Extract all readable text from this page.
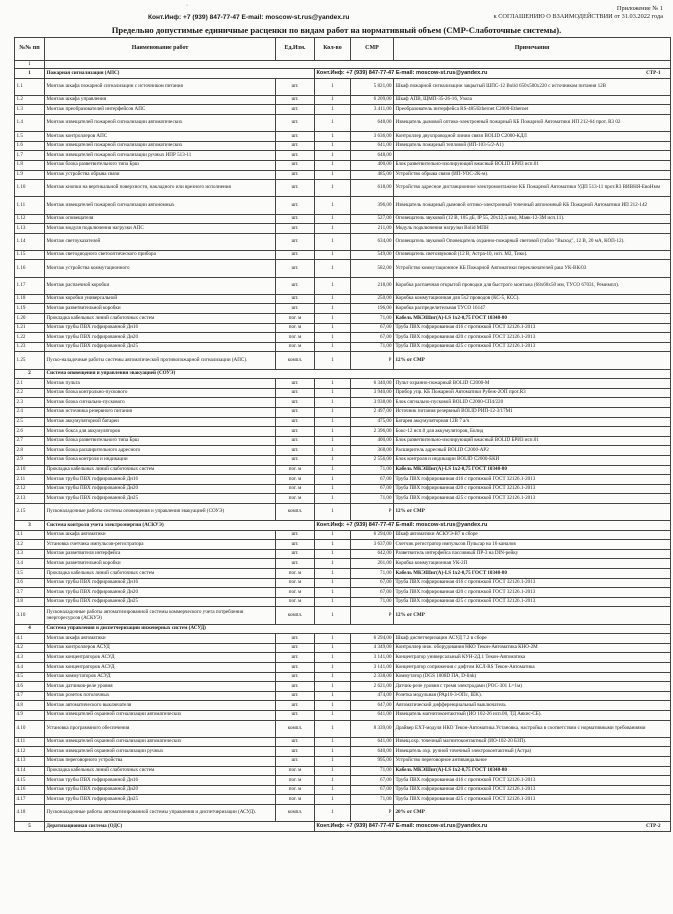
·	Приложение № 1
к СОГЛАШЕНИЮ О ВЗАИМОДЕЙСТВИИ от 31.03.2022 года
Конт.Инф: +7 (939) 847-77-47 E-mail: moscow-st.rus@yandex.ru
Предельно допустимые единичные расценки по видам работ на нормативный объем (СМР-Слаботочные системы).
№№ пп	Наименование работ	Ед.Изм.	Кол-во	СМР	Примечания
1					
1	Пожарная сигнализация (АПС)		Конт.Инф: +7 (939) 847-77-47 E-mail: moscow-st.rus@yandex.ru СТР-1		

1.1	Монтаж шкафа пожарной сигнализации с источником питания	шт.	1	5 821,00	Шкаф пожарной сигнализации закрытый ШПС-12 Bolid 650x500x220 с источником питания 12В
1.2	Монтаж шкафа управления	шт.	1	6 209,00	Шкаф АПВ, ЩМП-35-26-16, Узола
1.3	Монтаж преобразователей интерфейсов АПС	шт.	1	3 411,00	Преобразователь интерфейса RS-485/Ethernet C2000-Ethernet
1.4	Монтаж извещателей пожарной сигнализации автоматических	шт.	1	648,00	Извещатель дымовой оптико-электронный пожарный КБ Пожарной Автоматики ИП 212-64 прот. R3 02
1.5	Монтаж контроллеров АПС	шт.	1	3 636,00	Контроллер двухпроводной линии связи BOLID C2000-КДЛ
1.6	Монтаж извещателей пожарной сигнализации автоматических	шт.	1	641,00	Извещатель пожарный тепловой (ИП-103-5/2-А1)
1.7	Монтаж извещателей пожарной сигнализации ручных ИПР 513-11	шт.	1	648,00	
1.8	Монтаж блока разветвительного типа Брш	шт.	1	400,00	Блок разветвительно-изолирующий вжасный BOLID БРИЗ исп.01
1.9	Монтаж устройства обрыва связи	шт.	1	485,00	Устройство обрыва связи (ИП-УОС-2К-м).
1.10	Монтаж кнопки на вертикальной поверхности, накладного или врезного исполнения	шт.	1	618,00	Устройство адресное дистанционное электромонтажное КБ Пожарной Автоматики УДП 513-11 прот.R3 ВИВНЯ-ЕвоНмм
1.11	Монтаж извещателей пожарной сигнализации автономных	шт.	1	396,00	Извещатель пожарный дымовой оптико-электронный точечный автономный КБ Пожарной Автоматики ИП 212-142
1.12	Монтаж оповещателя	шт.	1	527,00	Оповещатель звуковой (12 В, 105 дБ, IP 55, 20х12,5 мм), Маяк-12-3М исп.11).
1.13	Монтаж модуля подключения нагрузки АПС	шт.	1	211,00	Модуль подключения нагрузки Bolid МПН
1.14	Монтаж светоуказателей	шт.	1	634,00	Оповещатель звуковой Оповещатель охранно-пожарный световой (табло "Выход", 12 В, 20 мА, КОП-12).
1.15	Монтаж светодиодного светооптического прибора	шт.	1	549,00	Оповещатель светозвуковой (12 В, Астра-10, исп. М2, Тико).
1.16	Монтаж устройства коммутационного	шт.	1	582,00	Устройство коммутационное КБ Пожарной Автоматики переключателей раш УК-ВК/03
1.17	Монтаж распаечной коробки	шт.	1	218,00	Коробка распаечная открытой проводки для быстрого монтажа (68x68x50 мм, ТУСО 67031, Ремимпл).
1.18	Монтаж коробки универсальной	шт.	1	250,00	Коробка коммутационная для 5х2 проводов (КС-5, КСС).
1.19	Монтаж разветвительной коробки	шт.	1	196,00	Коробка распределительная ТУСО 16147
1.20	Прокладка кабельных линий слаботочных систем	пог. м	1	71,00	Кабель МКЭШнг(А)-LS 1х2-0,75 ГОСТ 10348-80
1.21	Монтаж трубы ПВХ гофрированной Дн16	пог. м	1	67,00	Труба ПВХ гофрированная d16 с протяжкой ГОСТ 32126.1-2013
1.22	Монтаж трубы ПВХ гофрированной Дн20	пог. м	1	67,00	Труба ПВХ гофрированная d20 с протяжкой ГОСТ 32126.1-2013
1.23	Монтаж трубы ПВХ гофрированной Дн25	пог. м	1	71,00	Труба ПВХ гофрированная d25 с протяжкой ГОСТ 32126.1-2013
1.25	Пуско-наладочные работы системы автоматической противопожарной сигнализации (АПС).	компл.	1	Р	12% от СМР
2	Система оповещения и управления эвакуацией (СОУЭ)				
2.1	Монтаж пульта	шт.	1	6 340,00	Пульт охранно-пожарный BOLID C2000-М
2.2	Монтаж блока контрольно-пускового	шт.	1	3 940,00	Прибор упр. КБ Пожарной Автоматики Рубеж-2ОП прот.R3
2.3	Монтаж блока сигнально-пускового	шт.	1	3 938,00	Блок сигнально-пусковой BOLID C2000-СП4/220
2.4	Монтаж источника резервного питания	шт.	1	2 497,00	Источник питания резервный BOLID РИП-12-3/17М1
2.5	Монтаж аккумуляторной батареи	шт.	1	475,00	Батарея аккумуляторная 12В 7 а/ч
2.6	Монтаж бокса для аккумуляторов	шт.	1	2 396,00	Бокс-12 исп.0 для аккумуляторов, Болид
2.7	Монтаж блока разветвительного типа Брш	шт.	1	400,00	Блок разветвительно-изолирующий вжасный BOLID БРИЗ исп.01
2.8	Монтаж блока расширительного адресного	шт.	1	368,00	Расширитель адресный BOLID C2000-АР2
2.9	Монтаж блока контроля и индикации	шт.	1	2 556,00	Блок контроля и индикации BOLID C2000-БКИ
2.10	Прокладка кабельных линий слаботочных систем	пог. м	1	71,00	Кабель МКЭШнг(А)-LS 1х2-0,75 ГОСТ 10348-80
2.11	Монтаж трубы ПВХ гофрированной Дн16	пог. м	1	67,00	Труба ПВХ гофрированная d16 с протяжкой ГОСТ 32126.1-2013
2.12	Монтаж трубы ПВХ гофрированной Дн20	пог. м	1	67,00	Труба ПВХ гофрированная d20 с протяжкой ГОСТ 32126.1-2013
2.13	Монтаж трубы ПВХ гофрированной Дн25	пог. м	1	71,00	Труба ПВХ гофрированная d25 с протяжкой ГОСТ 32126.1-2013
2.15	Пусконаладочные работы системы оповещения и управления эвакуацией (СОУЭ)	компл.	1	Р	12% от СМР
3	Система контроля учета электроэнергии (АСКУЭ)		Конт.Инф: +7 (939) 847-77-47 E-mail: moscow-st.rus@yandex.ru		
3.1	Монтаж шкафа автоматики	шт.	1	6 294,00	Шкаф автоматики АСКУЭ-В7 в сборе
3.2	Установка счетчика импульсов-регистратора	шт.	1	3 637,00	Счетчик регистратор импульсов Пульсар на 16 каналов
3.3	Монтаж разветвителя интерфейса	шт.	1	642,00	Разветвитель интерфейса пассивный ПР-3 на DIN-рейку
3.4	Монтаж разветвительной коробки	шт.	1	201,00	Коробка коммутационная УК-2П
3.5	Прокладка кабельных линий слаботочных систем	пог. м	1	71,00	Кабель МКЭШнг(А)-LS 1х2-0,75 ГОСТ 10348-80
3.6	Монтаж трубы ПВХ гофрированной Дн16	пог. м	1	67,00	Труба ПВХ гофрированная d16 с протяжкой ГОСТ 32126.1-2013
3.7	Монтаж трубы ПВХ гофрированной Дн20	пог. м	1	67,00	Труба ПВХ гофрированная d20 с протяжкой ГОСТ 32126.1-2013
3.8	Монтаж трубы ПВХ гофрированной Дн25	пог. м	1	71,00	Труба ПВХ гофрированная d25 с протяжкой ГОСТ 32126.1-2013
3.10	Пусконаладочные работы автоматизированной системы коммерческого учета потребления энергоресурсов (АСКУЭ)	компл.	1	Р	12% от СМР
4	Система управления и диспетчеризации инженерных систем (АСУД)				
4.1	Монтаж шкафа автоматики	шт.	1	6 294,00	Шкаф диспетчеризации АСУД 7.2 в сборе
4.2	Монтаж контроллеров АСУД	шт.	1	4 349,00	Контроллер инж. оборудования НКО Текон-Автоматика КНО-2М
4.3	Монтаж концентраторов АСУД	шт.	1	3 141,00	Концентратор универсальный КУН-2Д.1 Текон-Автоматика
4.4	Монтаж концентраторов АСУД	шт.	1	3 141,00	Концентратор сопряжения с дифтом КСЛ-RS Текон-Автоматика
4.5	Монтаж коммутаторов АСУД	шт.	1	2 338,00	Коммутатор (DGS 1008D ПА, D-link)
4.6	Монтаж датчиков-реле уровня	шт.	1	2 621,00	Датчик-реле уровня с тремя электродами (РОС-301 L=1м)
4.7	Монтаж розеток потолочных	шт.	1	474,00	Розетка модульная (РАр10-3-ОПс, IEK).
4.8	Монтаж автоматического выключателя	шт.	1	647,00	Автоматический дифференциальный выключатель
4.9	Монтаж извещателей охранной сигнализации автоматических	шт.	1	641,00	Извещатель магнитоконтактный (ИО 102-26 исп.00, ТД Аякис-СБ).
4.10	Установка программного обеспечения	компл.	1	8 339,00	Драйвер EXT-модуля НКО Текон-Автоматика.Установка, настройка в соответствии с нормативными требованиями
4.11	Монтаж извещателей охранной сигнализации автоматических	шт.	1	641,00	Извещ.охр. точечный магнитоконтактный (ИО-102-20 БЗП).
4.12	Монтаж извещателей охранной сигнализации ручных	шт.	1	640,00	Извещатель охр. ручной точечный электроконтактный (Астра)
4.13	Монтаж переговорного устройства	шт.	1	995,00	Устройство переговорное антивандальное
4.14	Прокладка кабельных линий слаботочных систем	пог. м	1	71,00	Кабель МКЭШнг(А)-LS 1х2-0,75 ГОСТ 10348-80
4.15	Монтаж трубы ПВХ гофрированной Дн16	пог. м	1	67,00	Труба ПВХ гофрированная d16 с протяжкой ГОСТ 32126.1-2013
4.16	Монтаж трубы ПВХ гофрированной Дн20	пог. м	1	67,00	Труба ПВХ гофрированная d20 с протяжкой ГОСТ 32126.1-2013
4.17	Монтаж трубы ПВХ гофрированной Дн25	пог. м	1	71,00	Труба ПВХ гофрированная d25 с протяжкой ГОСТ 32126.1-2013
4.18	Пусконаладочные работы автоматизированной системы управления и диспетчеризации (АСУД).	компл.	1	Р	20% от СМР
5	Дератизационная система (ОДС)		Конт.Инф: +7 (939) 847-77-47 E-mail: moscow-st.rus@yandex.ru СТР-2		
